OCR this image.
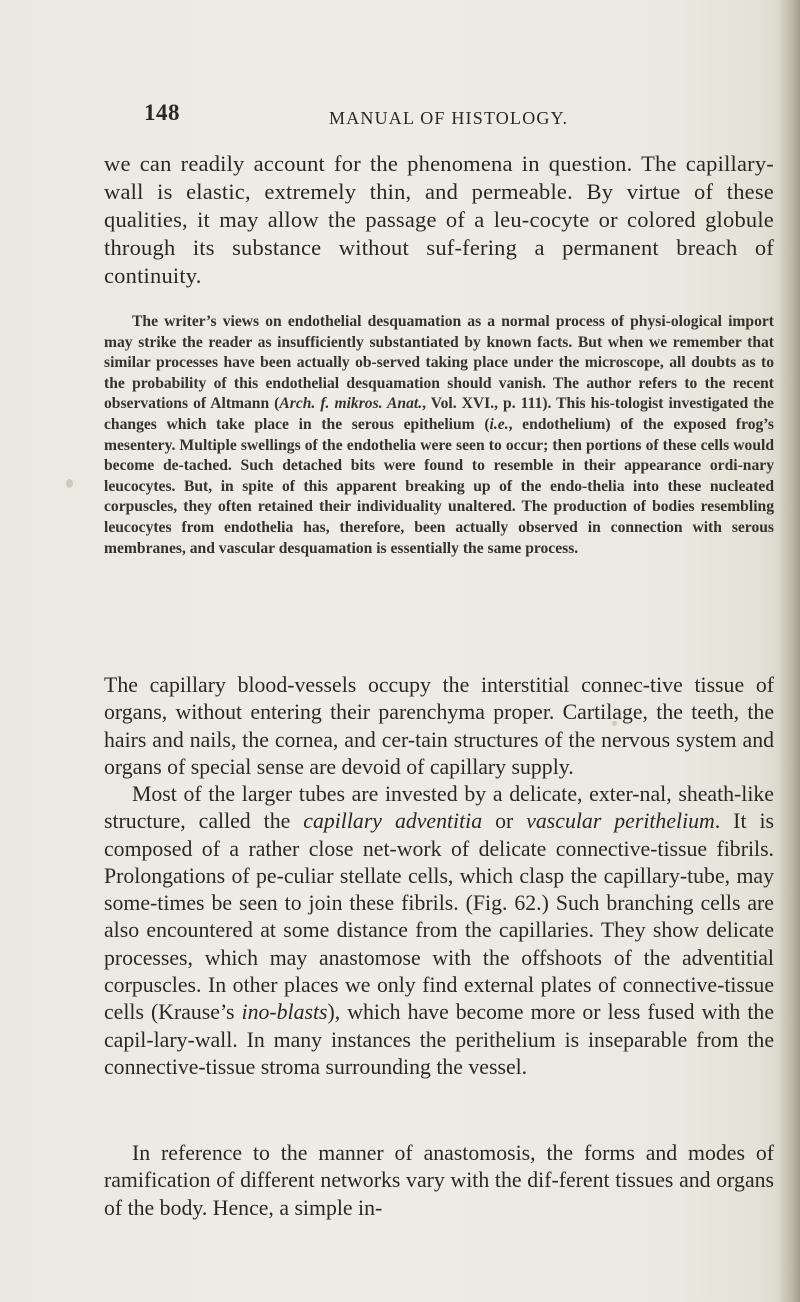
148	MANUAL OF HISTOLOGY.

we can readily account for the phenomena in question. The capillary-wall is elastic, extremely thin, and permeable. By virtue of these qualities, it may allow the passage of a leu-cocyte or colored globule through its substance without suf-fering a permanent breach of continuity.

The writer’s views on endothelial desquamation as a normal process of physi-ological import may strike the reader as insufficiently substantiated by known facts. But when we remember that similar processes have been actually ob-served taking place under the microscope, all doubts as to the probability of this endothelial desquamation should vanish. The author refers to the recent observations of Altmann (Arch. f. mikros. Anat., Vol. XVI., p. 111). This his-tologist investigated the changes which take place in the serous epithelium (i.e., endothelium) of the exposed frog’s mesentery. Multiple swellings of the endothelia were seen to occur; then portions of these cells would become de-tached. Such detached bits were found to resemble in their appearance ordi-nary leucocytes. But, in spite of this apparent breaking up of the endo-thelia into these nucleated corpuscles, they often retained their individuality unaltered. The production of bodies resembling leucocytes from endothelia has, therefore, been actually observed in connection with serous membranes, and vascular desquamation is essentially the same process.

The capillary blood-vessels occupy the interstitial connec-tive tissue of organs, without entering their parenchyma proper. Cartilage, the teeth, the hairs and nails, the cornea, and cer-tain structures of the nervous system and organs of special sense are devoid of capillary supply.

Most of the larger tubes are invested by a delicate, exter-nal, sheath-like structure, called the capillary adventitia or vascular perithelium. It is composed of a rather close net-work of delicate connective-tissue fibrils. Prolongations of pe-culiar stellate cells, which clasp the capillary-tube, may some-times be seen to join these fibrils. (Fig. 62.) Such branching cells are also encountered at some distance from the capillaries. They show delicate processes, which may anastomose with the offshoots of the adventitial corpuscles. In other places we only find external plates of connective-tissue cells (Krause’s ino-blasts), which have become more or less fused with the capil-lary-wall. In many instances the perithelium is inseparable from the connective-tissue stroma surrounding the vessel.

In reference to the manner of anastomosis, the forms and modes of ramification of different networks vary with the dif-ferent tissues and organs of the body. Hence, a simple in-
